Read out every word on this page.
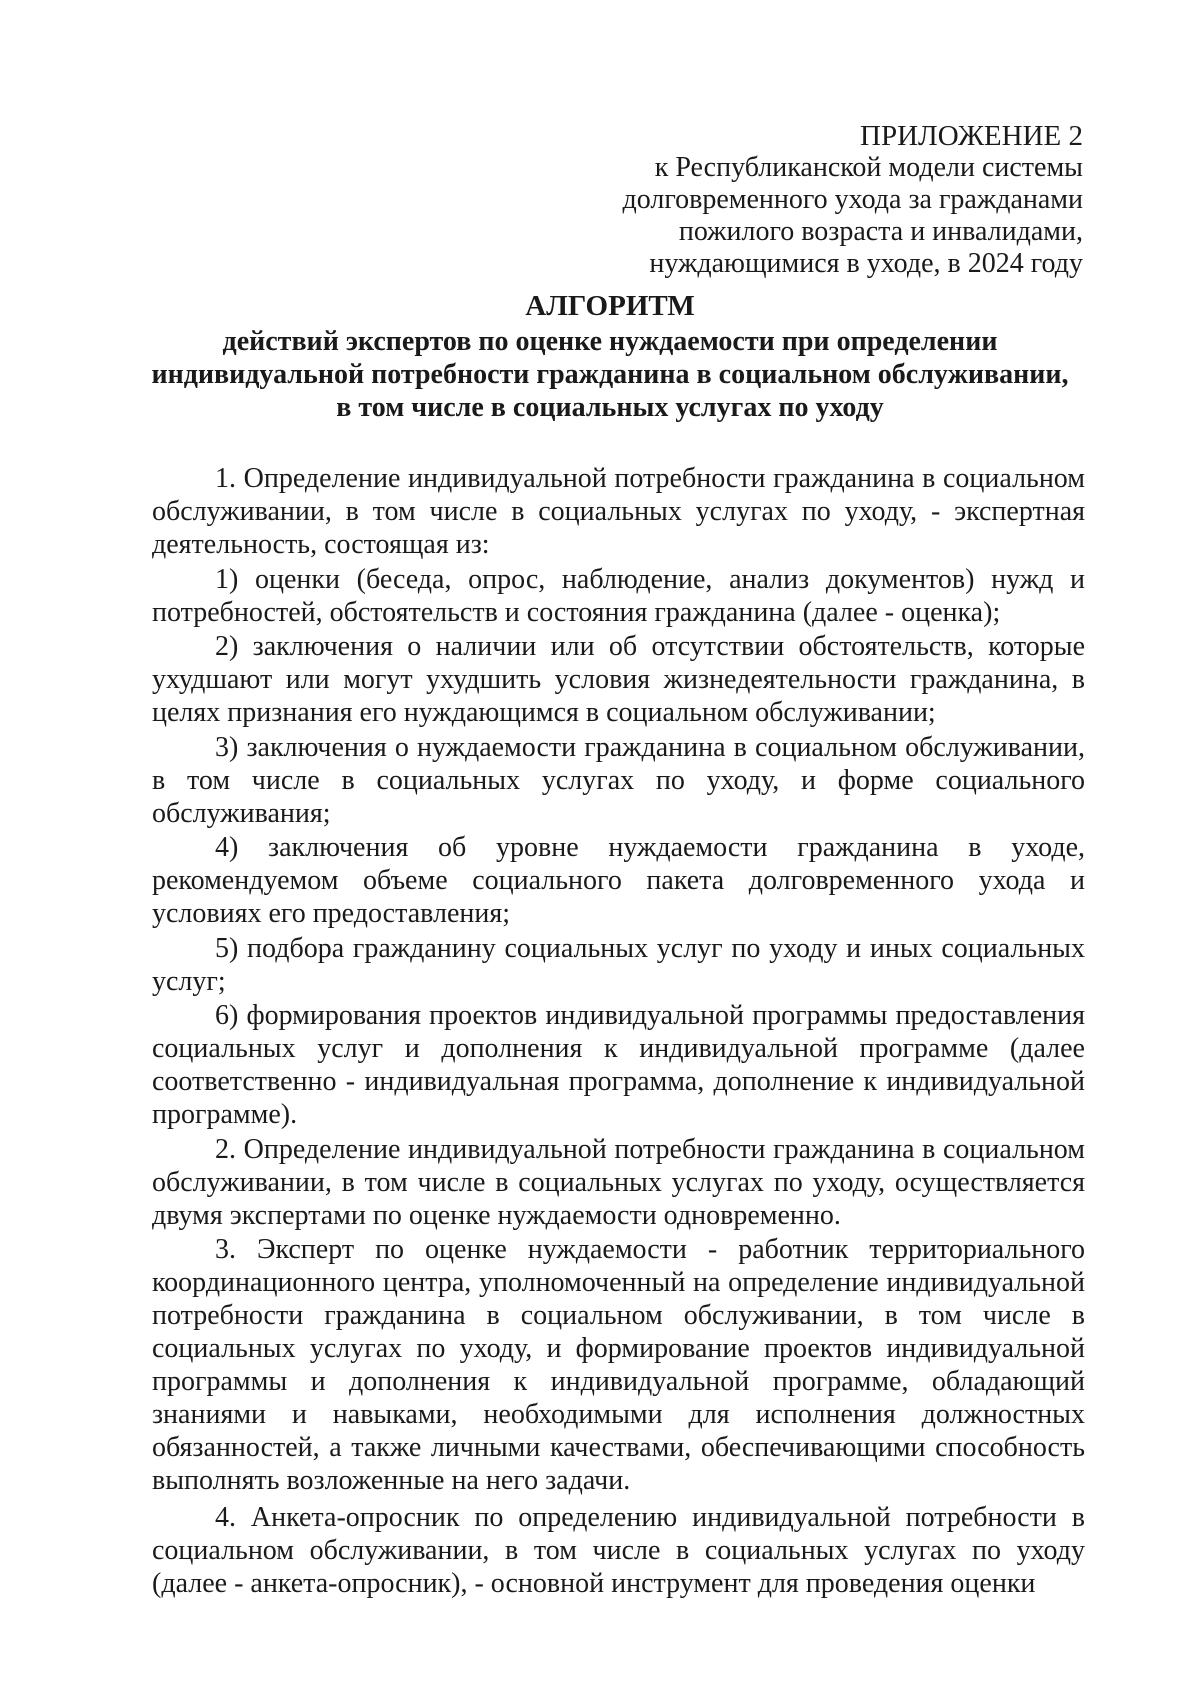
ПРИЛОЖЕНИЕ 2
к Республиканской модели системы
долговременного ухода за гражданами
пожилого возраста и инвалидами,
нуждающимися в уходе, в 2024 году
АЛГОРИТМ
действий экспертов по оценке нуждаемости при определении
индивидуальной потребности гражданина в социальном обслуживании,
в том числе в социальных услугах по уходу

1. Определение индивидуальной потребности гражданина в социальном обслуживании, в том числе в социальных услугах по уходу, - экспертная деятельность, состоящая из:

1) оценки (беседа, опрос, наблюдение, анализ документов) нужд и потребностей, обстоятельств и состояния гражданина (далее - оценка);

2) заключения о наличии или об отсутствии обстоятельств, которые ухудшают или могут ухудшить условия жизнедеятельности гражданина, в целях признания его нуждающимся в социальном обслуживании;

3) заключения о нуждаемости гражданина в социальном обслуживании, в том числе в социальных услугах по уходу, и форме социального обслуживания;

4) заключения об уровне нуждаемости гражданина в уходе, рекомендуемом объеме социального пакета долговременного ухода и условиях его предоставления;

5) подбора гражданину социальных услуг по уходу и иных социальных услуг;

6) формирования проектов индивидуальной программы предоставления социальных услуг и дополнения к индивидуальной программе (далее соответственно - индивидуальная программа, дополнение к индивидуальной программе).

2. Определение индивидуальной потребности гражданина в социальном обслуживании, в том числе в социальных услугах по уходу, осуществляется двумя экспертами по оценке нуждаемости одновременно.

3. Эксперт по оценке нуждаемости - работник территориального координационного центра, уполномоченный на определение индивидуальной потребности гражданина в социальном обслуживании, в том числе в социальных услугах по уходу, и формирование проектов индивидуальной программы и дополнения к индивидуальной программе, обладающий знаниями и навыками, необходимыми для исполнения должностных обязанностей, а также личными качествами, обеспечивающими способность выполнять возложенные на него задачи.

4. Анкета-опросник по определению индивидуальной потребности в социальном обслуживании, в том числе в социальных услугах по уходу (далее - анкета-опросник), - основной инструмент для проведения оценки
